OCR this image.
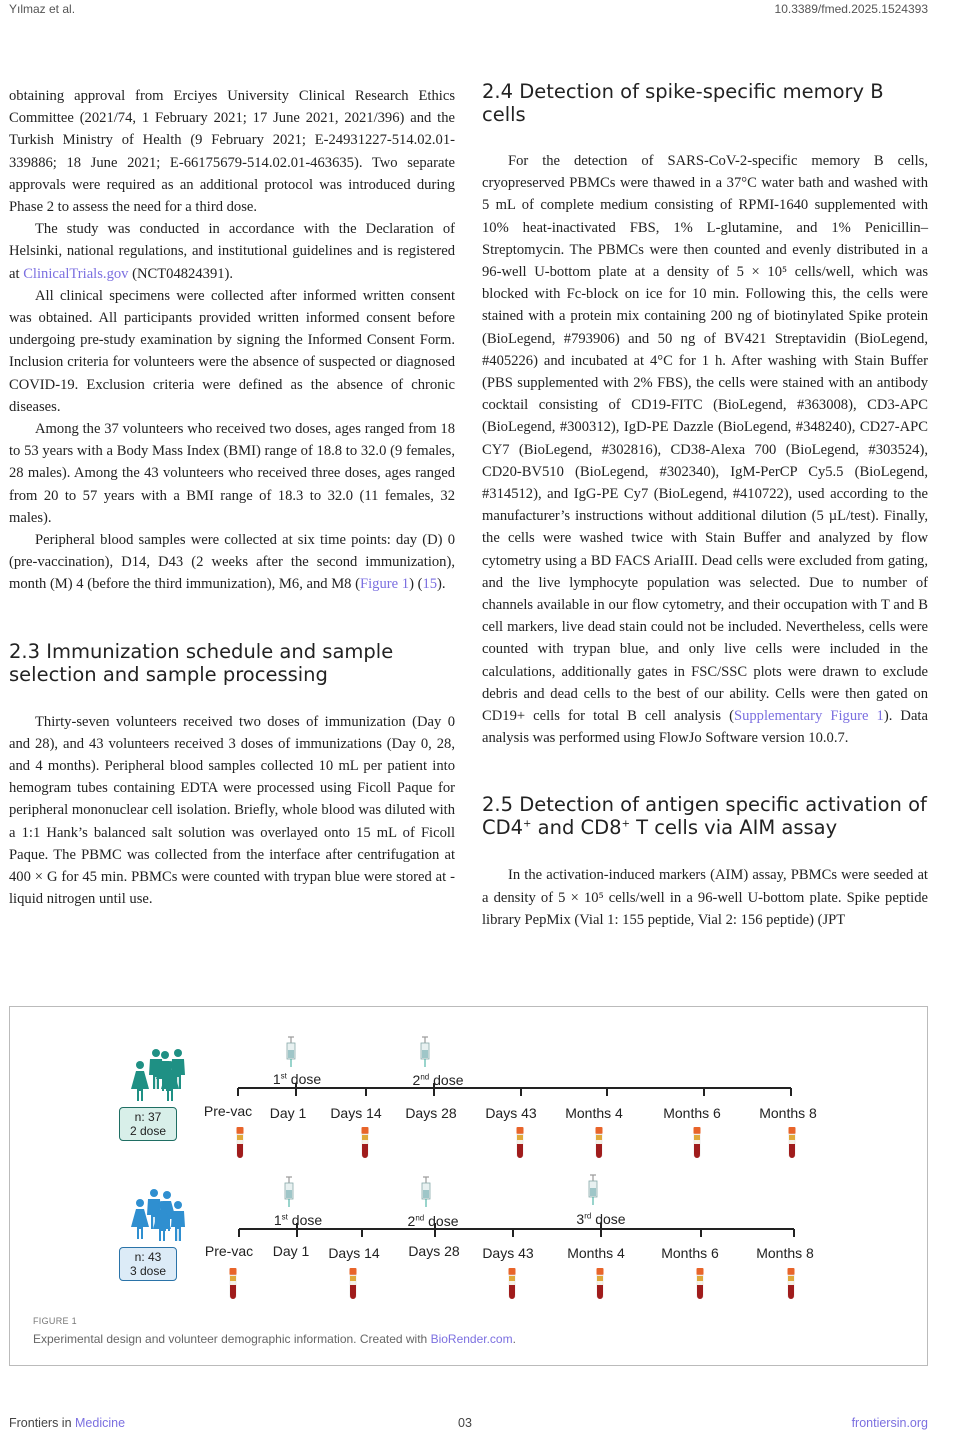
Yılmaz et al.	10.3389/fmed.2025.1524393

obtaining approval from Erciyes University Clinical Research Ethics Committee (2021/74, 1 February 2021; 17 June 2021, 2021/396) and the Turkish Ministry of Health (9 February 2021; E-24931227-514.02.01-339886; 18 June 2021; E-66175679-514.02.01-463635). Two separate approvals were required as an additional protocol was introduced during Phase 2 to assess the need for a third dose.

The study was conducted in accordance with the Declaration of Helsinki, national regulations, and institutional guidelines and is registered at ClinicalTrials.gov (NCT04824391).

All clinical specimens were collected after informed written consent was obtained. All participants provided written informed consent before undergoing pre-study examination by signing the Informed Consent Form. Inclusion criteria for volunteers were the absence of suspected or diagnosed COVID-19. Exclusion criteria were defined as the absence of chronic diseases.

Among the 37 volunteers who received two doses, ages ranged from 18 to 53 years with a Body Mass Index (BMI) range of 18.8 to 32.0 (9 females, 28 males). Among the 43 volunteers who received three doses, ages ranged from 20 to 57 years with a BMI range of 18.3 to 32.0 (11 females, 32 males).

Peripheral blood samples were collected at six time points: day (D) 0 (pre-vaccination), D14, D43 (2 weeks after the second immunization), month (M) 4 (before the third immunization), M6, and M8 (Figure 1) (15).

2.3 Immunization schedule and sample selection and sample processing

Thirty-seven volunteers received two doses of immunization (Day 0 and 28), and 43 volunteers received 3 doses of immunizations (Day 0, 28, and 4 months). Peripheral blood samples collected 10 mL per patient into hemogram tubes containing EDTA were processed using Ficoll Paque for peripheral mononuclear cell isolation. Briefly, whole blood was diluted with a 1:1 Hank’s balanced salt solution was overlayed onto 15 mL of Ficoll Paque. The PBMC was collected from the interface after centrifugation at 400 × G for 45 min. PBMCs were counted with trypan blue were stored at -liquid nitrogen until use.

2.4 Detection of spike-specific memory B cells

For the detection of SARS-CoV-2-specific memory B cells, cryopreserved PBMCs were thawed in a 37°C water bath and washed with 5 mL of complete medium consisting of RPMI-1640 supplemented with 10% heat-inactivated FBS, 1% L-glutamine, and 1% Penicillin–Streptomycin. The PBMCs were then counted and evenly distributed in a 96-well U-bottom plate at a density of 5 × 10⁵ cells/well, which was blocked with Fc-block on ice for 10 min. Following this, the cells were stained with a protein mix containing 200 ng of biotinylated Spike protein (BioLegend, #793906) and 50 ng of BV421 Streptavidin (BioLegend, #405226) and incubated at 4°C for 1 h. After washing with Stain Buffer (PBS supplemented with 2% FBS), the cells were stained with an antibody cocktail consisting of CD19-FITC (BioLegend, #363008), CD3-APC (BioLegend, #300312), IgD-PE Dazzle (BioLegend, #348240), CD27-APC CY7 (BioLegend, #302816), CD38-Alexa 700 (BioLegend, #303524), CD20-BV510 (BioLegend, #302340), IgM-PerCP Cy5.5 (BioLegend, #314512), and IgG-PE Cy7 (BioLegend, #410722), used according to the manufacturer’s instructions without additional dilution (5 µL/test). Finally, the cells were washed twice with Stain Buffer and analyzed by flow cytometry using a BD FACS AriaIII. Dead cells were excluded from gating, and the live lymphocyte population was selected. Due to number of channels available in our flow cytometry, and their occupation with T and B cell markers, live dead stain could not be included. Nevertheless, cells were counted with trypan blue, and only live cells were included in the calculations, additionally gates in FSC/SSC plots were drawn to exclude debris and dead cells to the best of our ability. Cells were then gated on CD19+ cells for total B cell analysis (Supplementary Figure 1). Data analysis was performed using FlowJo Software version 10.0.7.

2.5 Detection of antigen specific activation of CD4+ and CD8+ T cells via AIM assay

In the activation-induced markers (AIM) assay, PBMCs were seeded at a density of 5 × 10⁵ cells/well in a 96-well U-bottom plate. Spike peptide library PepMix (Vial 1: 155 peptide, Vial 2: 156 peptide) (JPT

n: 37
2 dose
n: 43
3 dose
1st dose	2nd dose
Pre-vac Day 1 Days 14 Days 28 Days 43 Months 4	Months 6	Months 8
1st dose	2nd dose	3rd dose
Pre-vac Day 1 Days 14 Days 28 Days 43 Months 4	Months 6	Months 8
FIGURE 1
Experimental design and volunteer demographic information. Created with BioRender.com.
Frontiers in Medicine	03	frontiersin.org
